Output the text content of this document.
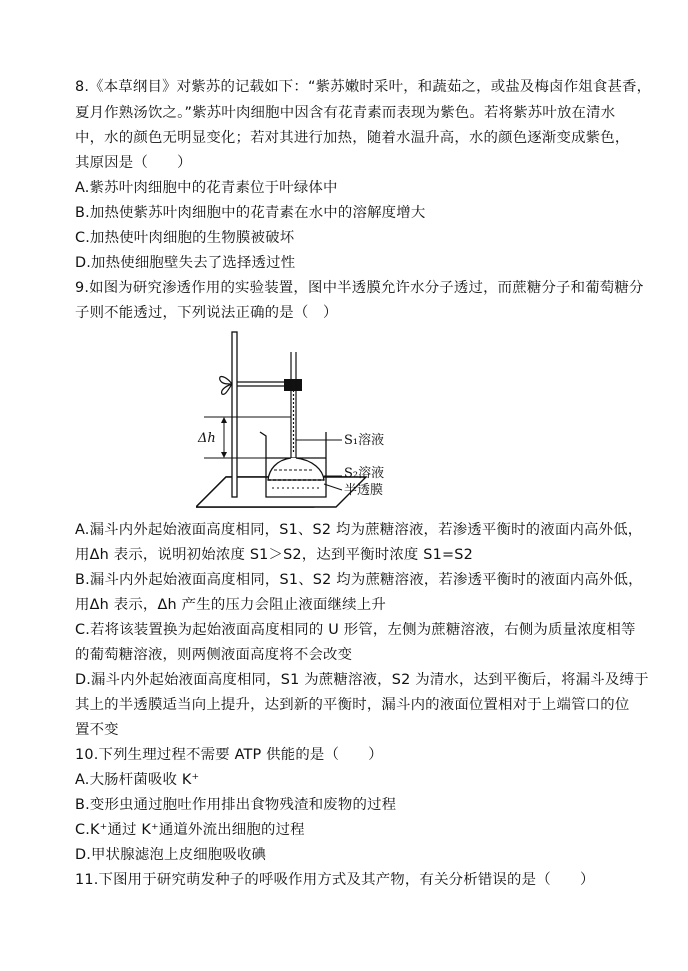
8.《本草纲目》对紫苏的记载如下：“紫苏嫩时采叶，和蔬茹之，或盐及梅卤作俎食甚香，
夏月作熟汤饮之。”紫苏叶肉细胞中因含有花青素而表现为紫色。若将紫苏叶放在清水
中，水的颜色无明显变化；若对其进行加热，随着水温升高，水的颜色逐渐变成紫色，
其原因是（　　）
A.紫苏叶肉细胞中的花青素位于叶绿体中
B.加热使紫苏叶肉细胞中的花青素在水中的溶解度增大
C.加热使叶肉细胞的生物膜被破坏
D.加热使细胞壁失去了选择透过性
9.如图为研究渗透作用的实验装置，图中半透膜允许水分子透过，而蔗糖分子和葡萄糖分
子则不能透过，下列说法正确的是（　）
Δh	S₁溶液
S₂溶液
半透膜
A.漏斗内外起始液面高度相同，S1、S2 均为蔗糖溶液，若渗透平衡时的液面内高外低，
用Δh 表示，说明初始浓度 S1＞S2，达到平衡时浓度 S1=S2
B.漏斗内外起始液面高度相同，S1、S2 均为蔗糖溶液，若渗透平衡时的液面内高外低，
用Δh 表示，Δh 产生的压力会阻止液面继续上升
C.若将该装置换为起始液面高度相同的 U 形管，左侧为蔗糖溶液，右侧为质量浓度相等
的葡萄糖溶液，则两侧液面高度将不会改变
D.漏斗内外起始液面高度相同，S1 为蔗糖溶液，S2 为清水，达到平衡后，将漏斗及缚于
其上的半透膜适当向上提升，达到新的平衡时，漏斗内的液面位置相对于上端管口的位
置不变
10.下列生理过程不需要 ATP 供能的是（　　）
A.大肠杆菌吸收 K⁺
B.变形虫通过胞吐作用排出食物残渣和废物的过程
C.K⁺通过 K⁺通道外流出细胞的过程
D.甲状腺滤泡上皮细胞吸收碘
11.下图用于研究萌发种子的呼吸作用方式及其产物，有关分析错误的是（　　）
